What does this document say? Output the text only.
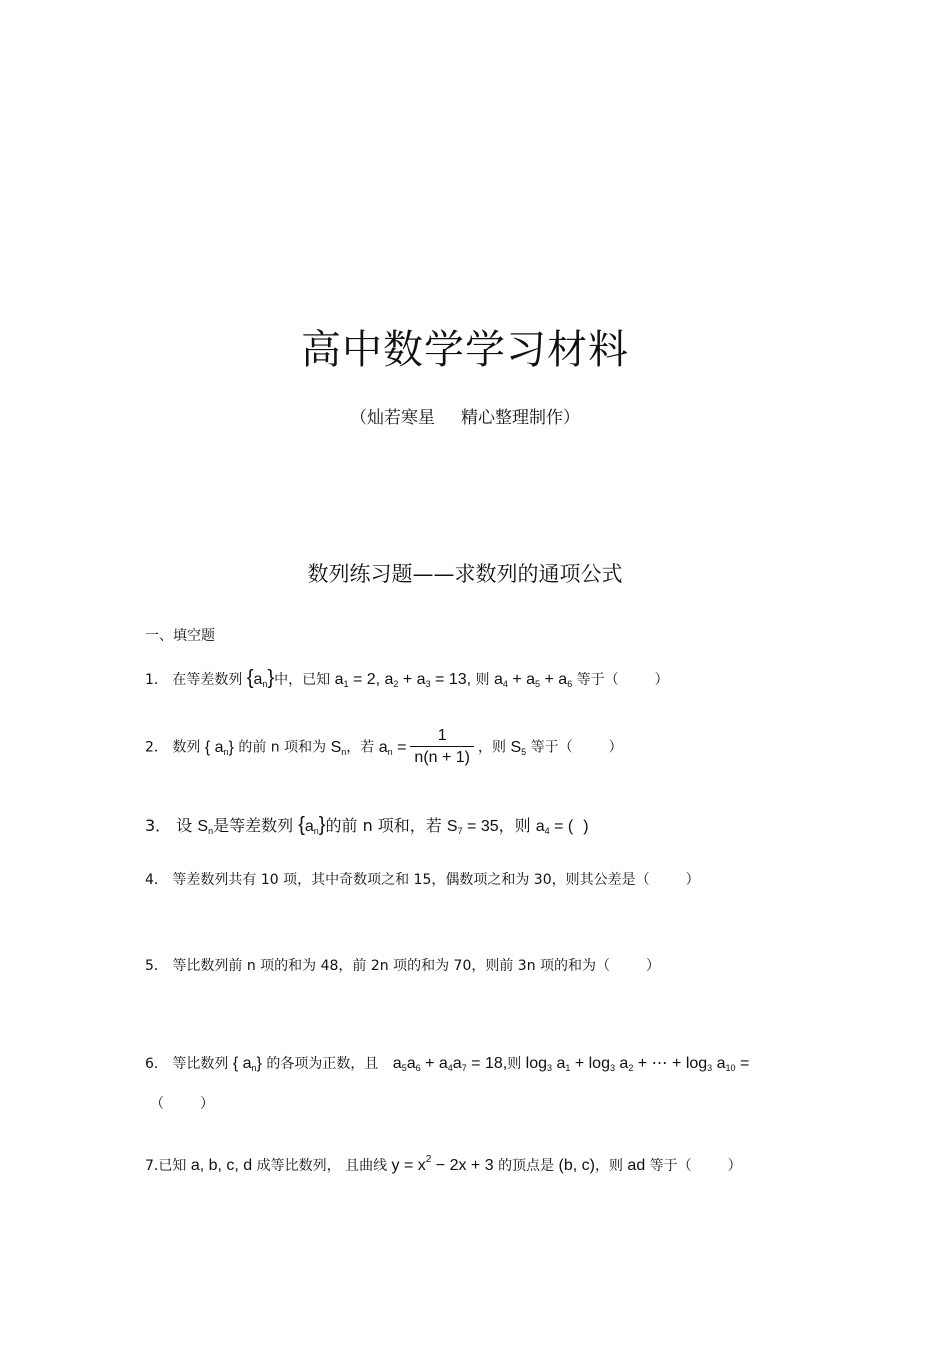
高中数学学习材料
（灿若寒星 精心整理制作）
数列练习题——求数列的通项公式
一、填空题
1． 在等差数列 $\{a_n\}$中，已知 $a_1 = 2$, $a_2 + a_3 = 13$, 则 $a_4 + a_5 + a_6$ 等于（	）
2． 数列 { $a_n$} 的前 n 项和为 $S_n$，若 $a_n = \frac{1}{n(n + 1)}$ ，则 $S_5$ 等于（	）
3． 设 $S_n$是等差数列 $\{a_n\}$的前 n 项和，若 $S_7 = 35$，则 $a_4$ = ( )
4． 等差数列共有 10 项，其中奇数项之和 15，偶数项之和为 30，则其公差是（	）
5． 等比数列前 n 项的和为 48，前 2n 项的和为 70，则前 3n 项的和为（	）
6． 等比数列 { $a_n$} 的各项为正数，且 $a_5a_6 + a_4a_7 = 18$,则 $\log_3 a_1 + \log_3 a_2$ + ⋯ + $\log_3 a_{10}$ =
（	）
7.已知 a, b, c, d 成等比数列， 且曲线 $y = x^2 - 2x + 3$ 的顶点是 (b, c)，则 ad 等于（	）
